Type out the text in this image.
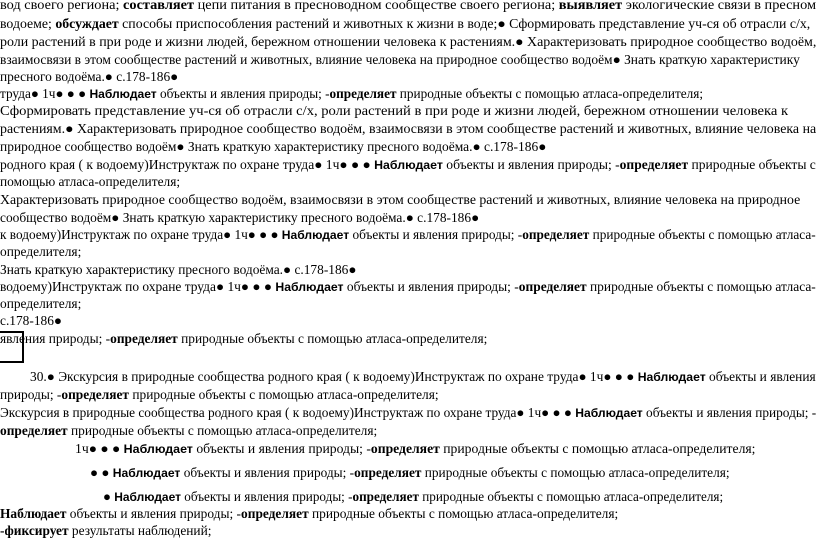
вод своего региона; составляет цепи питания в пресноводном сообществе своего региона; выявляет экологические связи в пресном
водоеме; обсуждает способы приспособления растений и животных к жизни в воде;● Сформировать представление уч-ся об отрасли с/х,
роли растений в при роде и жизни людей, бережном отношении человека к растениям.● Характеризовать природное сообщество водоём,
взаимосвязи в этом сообществе растений и животных, влияние человека на природное сообщество водоём● Знать краткую характеристику
пресного водоёма.● с.178-186●
труда● 1ч● ● ● Наблюдает объекты и явления природы; -определяет природные объекты с помощью атласа-определителя;
Сформировать представление уч-ся об отрасли с/х, роли растений в при роде и жизни людей, бережном отношении человека к
растениям.● Характеризовать природное сообщество водоём, взаимосвязи в этом сообществе растений и животных, влияние человека на
природное сообщество водоём● Знать краткую характеристику пресного водоёма.● с.178-186●
родного края ( к водоему)Инструктаж по охране труда● 1ч● ● ● Наблюдает объекты и явления природы; -определяет природные объекты с
помощью атласа-определителя;
Характеризовать природное сообщество водоём, взаимосвязи в этом сообществе растений и животных, влияние человека на природное
сообщество водоём● Знать краткую характеристику пресного водоёма.● с.178-186●
к водоему)Инструктаж по охране труда● 1ч● ● ● Наблюдает объекты и явления природы; -определяет природные объекты с помощью атласа-
определителя;
Знать краткую характеристику пресного водоёма.● с.178-186●
водоему)Инструктаж по охране труда● 1ч● ● ● Наблюдает объекты и явления природы; -определяет природные объекты с помощью атласа-
определителя;
с.178-186●
явления природы; -определяет природные объекты с помощью атласа-определителя;
30.● Экскурсия в природные сообщества родного края ( к водоему)Инструктаж по охране труда● 1ч● ● ● Наблюдает объекты и явления
природы; -определяет природные объекты с помощью атласа-определителя;
Экскурсия в природные сообщества родного края ( к водоему)Инструктаж по охране труда● 1ч● ● ● Наблюдает объекты и явления природы; -
определяет природные объекты с помощью атласа-определителя;
1ч● ● ● Наблюдает объекты и явления природы; -определяет природные объекты с помощью атласа-определителя;
● ● Наблюдает объекты и явления природы; -определяет природные объекты с помощью атласа-определителя;
● Наблюдает объекты и явления природы; -определяет природные объекты с помощью атласа-определителя;
Наблюдает объекты и явления природы; -определяет природные объекты с помощью атласа-определителя;
-фиксирует результаты наблюдений;
